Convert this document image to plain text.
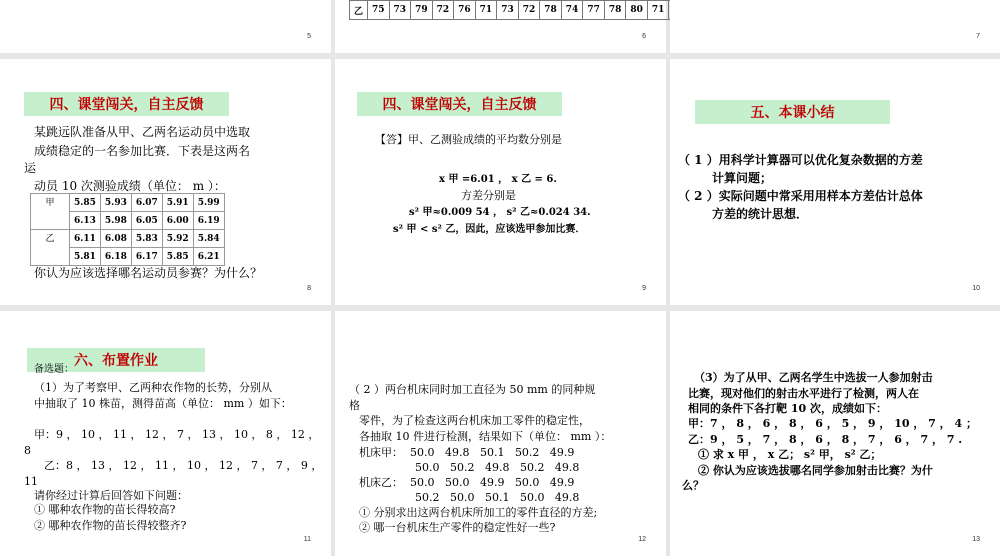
5
乙	75	73	79	72	76	71	73	72	78	74	77	78	80	71	
6	7
四、课堂闯关，自主反馈
某跳远队准备从甲、乙两名运动员中选取
成绩稳定的一名参加比赛．下表是这两名
运
动员 10 次测验成绩（单位： m ）：
甲	5.85	5.93	6.07	5.91	5.99
	6.13	5.98	6.05	6.00	6.19
乙	6.11	6.08	5.83	5.92	5.84
	5.81	6.18	6.17	5.85	6.21
你认为应该选择哪名运动员参赛？为什么？
8
四、课堂闯关，自主反馈
【答】甲、乙测验成绩的平均数分别是
x 甲 =6.01 ， x 乙 = 6.
方差分别是
s² 甲≈0.009 54 ， s² 乙≈0.024 34.
s² 甲 < s² 乙，因此，应该选甲参加比赛．
9
五、本课小结
（ 1 ）用科学计算器可以优化复杂数据的方差
计算问题；
（ 2 ）实际问题中常采用用样本方差估计总体
方差的统计思想．
10
六、布置作业
备选题：
（1）为了考察甲、乙两种农作物的长势，分别从
中抽取了 10 株苗，测得苗高（单位： mm ）如下：
甲：9 ， 10 ， 11 ， 12 ， 7 ， 13 ， 10 ， 8 ， 12 ，
8
乙：8 ， 13 ， 12 ， 11 ， 10 ， 12 ， 7 ， 7 ， 9 ，
11
请你经过计算后回答如下问题：
① 哪种农作物的苗长得较高?
② 哪种农作物的苗长得较整齐?
11
（ 2 ）两台机床同时加工直径为 50 mm 的同种规
格
零件，为了检查这两台机床加工零件的稳定性，
各抽取 10 件进行检测，结果如下（单位： mm ）：
机床甲：  50.0   49.8   50.1   50.2   49.9
50.0   50.2   49.8   50.2   49.8
机床乙：  50.0   50.0   49.9   50.0   49.9
50.2   50.0   50.1   50.0   49.8
① 分别求出这两台机床所加工的零件直径的方差;
② 哪一台机床生产零件的稳定性好一些?
12
（3）为了从甲、乙两名学生中选拔一人参加射击
比赛，现对他们的射击水平进行了检测，两人在
相同的条件下各打靶 10 次，成绩如下：
甲：7 ， 8 ， 6 ， 8 ， 6 ， 5 ， 9 ， 10 ， 7 ， 4 ；
乙：9 ， 5 ， 7 ， 8 ， 6 ， 8 ， 7 ， 6 ， 7 ， 7 .
① 求 x 甲 ， x 乙； s² 甲， s² 乙；
② 你认为应该选拔哪名同学参加射击比赛？为什
么？
13
